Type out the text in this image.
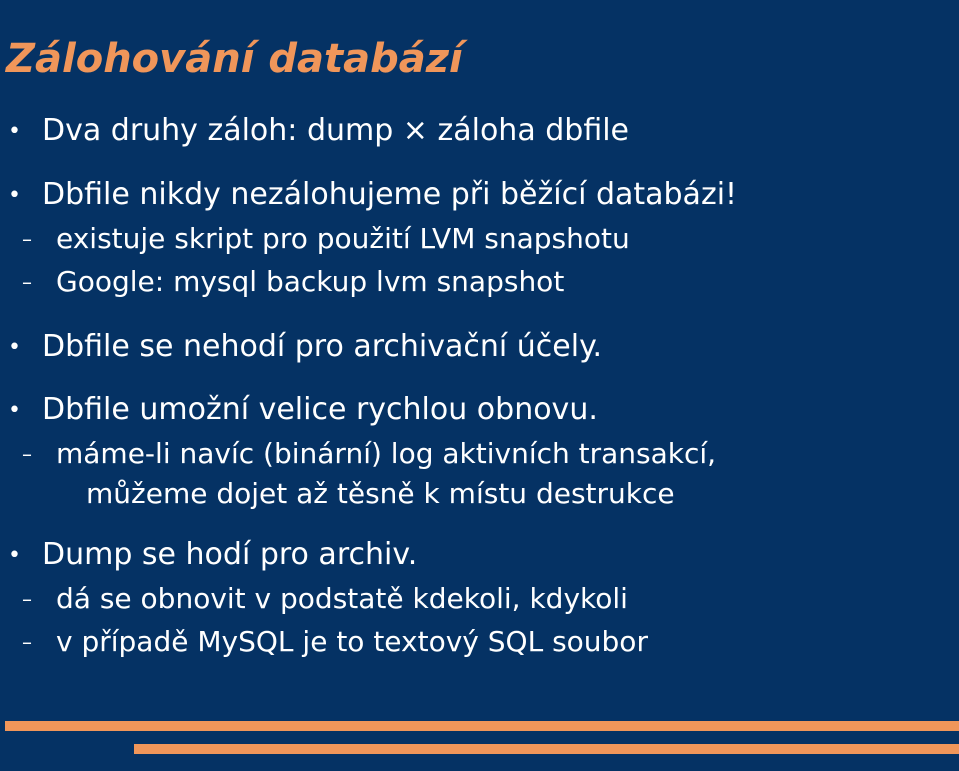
Zálohování databází
• Dva druhy záloh: dump × záloha dbfile
• Dbfile nikdy nezálohujeme při běžící databázi!
– existuje skript pro použití LVM snapshotu
– Google: mysql backup lvm snapshot
• Dbfile se nehodí pro archivační účely.
• Dbfile umožní velice rychlou obnovu.
– máme-li navíc (binární) log aktivních transakcí,
můžeme dojet až těsně k místu destrukce
• Dump se hodí pro archiv.
– dá se obnovit v podstatě kdekoli, kdykoli
– v případě MySQL je to textový SQL soubor
